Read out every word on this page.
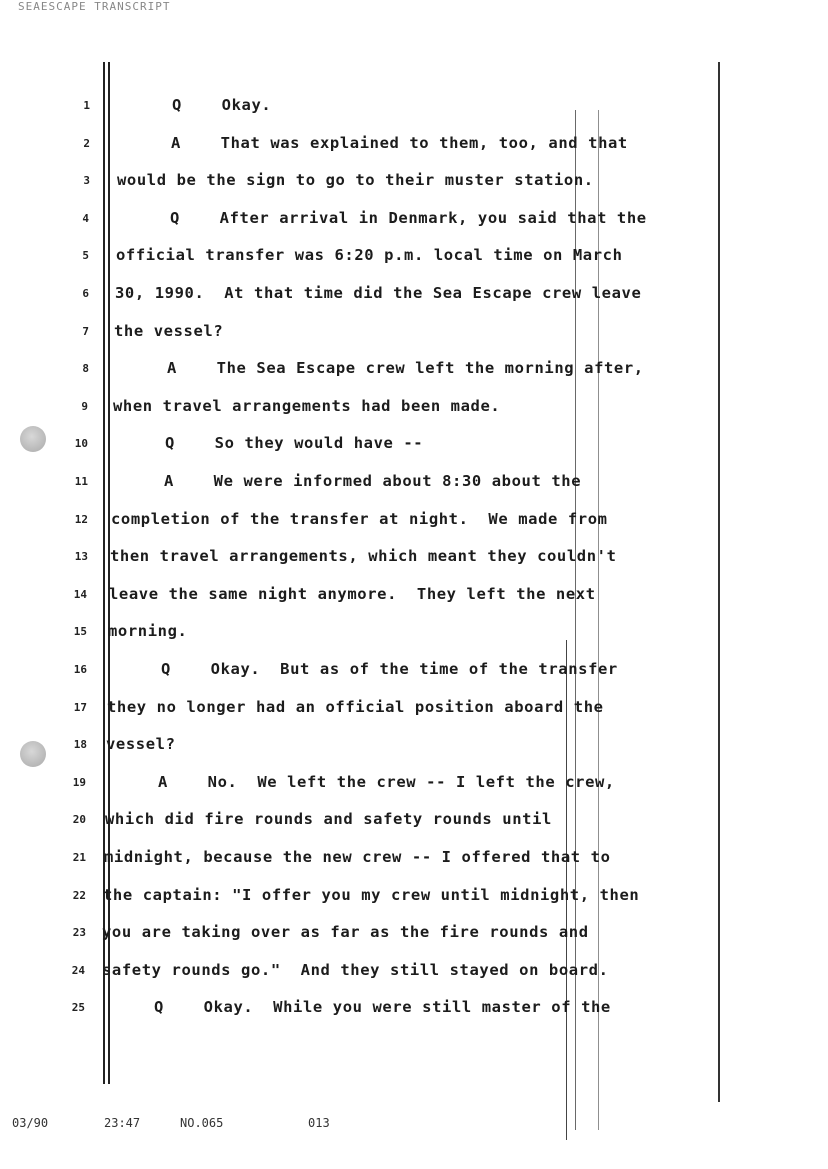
SEAESCAPE TRANSCRIPT
1	Q    Okay.
2	A    That was explained to them, too, and that
3 would be the sign to go to their muster station.
4	Q    After arrival in Denmark, you said that the
5 official transfer was 6:20 p.m. local time on March
6 30, 1990.  At that time did the Sea Escape crew leave
7 the vessel?
8	A    The Sea Escape crew left the morning after,
9 when travel arrangements had been made.
10	Q    So they would have --
11	A    We were informed about 8:30 about the
12 completion of the transfer at night.  We made from
13 then travel arrangements, which meant they couldn't
14 leave the same night anymore.  They left the next
15 morning.
16	Q    Okay.  But as of the time of the transfer
17 they no longer had an official position aboard the
18 vessel?
19	A    No.  We left the crew -- I left the crew,
20 which did fire rounds and safety rounds until
21 midnight, because the new crew -- I offered that to
22 the captain: "I offer you my crew until midnight, then
23 you are taking over as far as the fire rounds and
24 safety rounds go."  And they still stayed on board.
25	Q    Okay.  While you were still master of the
03/90	23:47	NO.065	013
